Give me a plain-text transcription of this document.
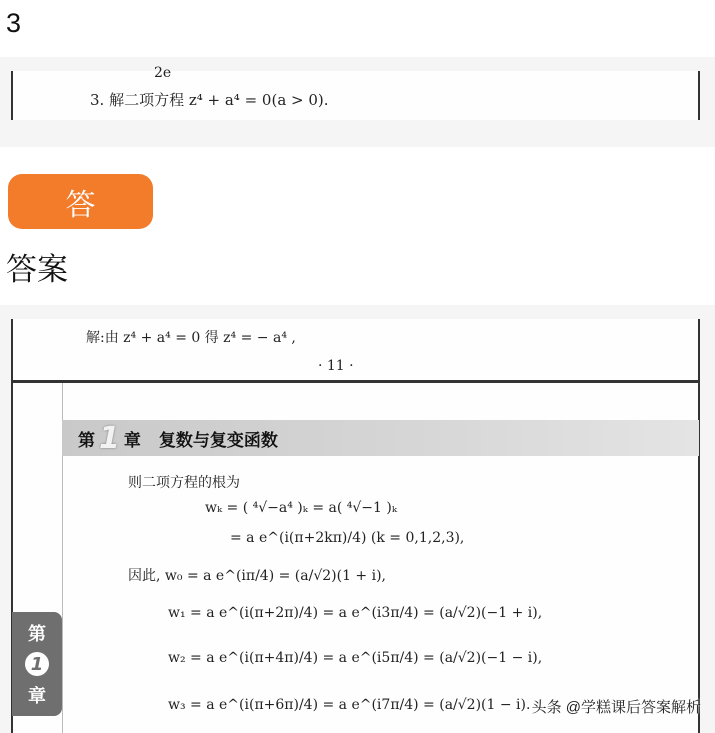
3
2e
3. 解二项方程 z⁴ + a⁴ = 0(a > 0).
答
答案
解:由 z⁴ + a⁴ = 0 得 z⁴ = − a⁴ ,
· 11 ·
第 1 章 复数与复变函数
则二项方程的根为
wₖ = ( ⁴√−a⁴ )ₖ = a( ⁴√−1 )ₖ
= a e^(i(π+2kπ)/4) (k = 0,1,2,3),
因此, w₀ = a e^(iπ/4) = (a/√2)(1 + i),
w₁ = a e^(i(π+2π)/4) = a e^(i3π/4) = (a/√2)(−1 + i),
w₂ = a e^(i(π+4π)/4) = a e^(i5π/4) = (a/√2)(−1 − i),
w₃ = a e^(i(π+6π)/4) = a e^(i7π/4) = (a/√2)(1 − i).
第
1
章
头条 @学糕课后答案解析
